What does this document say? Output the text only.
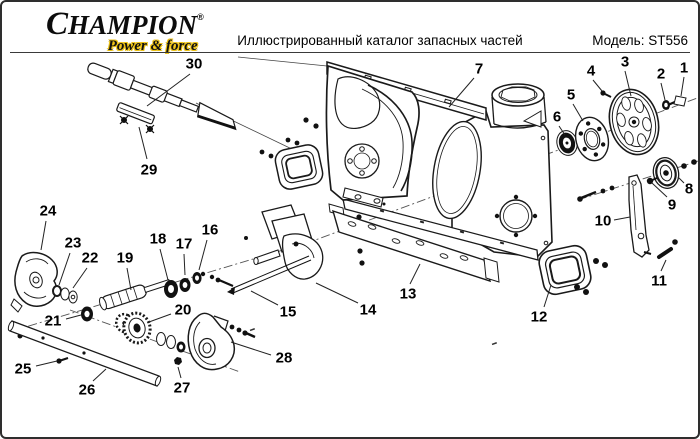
CHAMPION®
Power & force	Иллюстрированный каталог запасных частей	Модель: ST556
1
2
3
4
5
6
7
8
9
10
11
12
13
14
15
16
17
18
19
20
21
22
23
24
25
26	27
28
29
30
